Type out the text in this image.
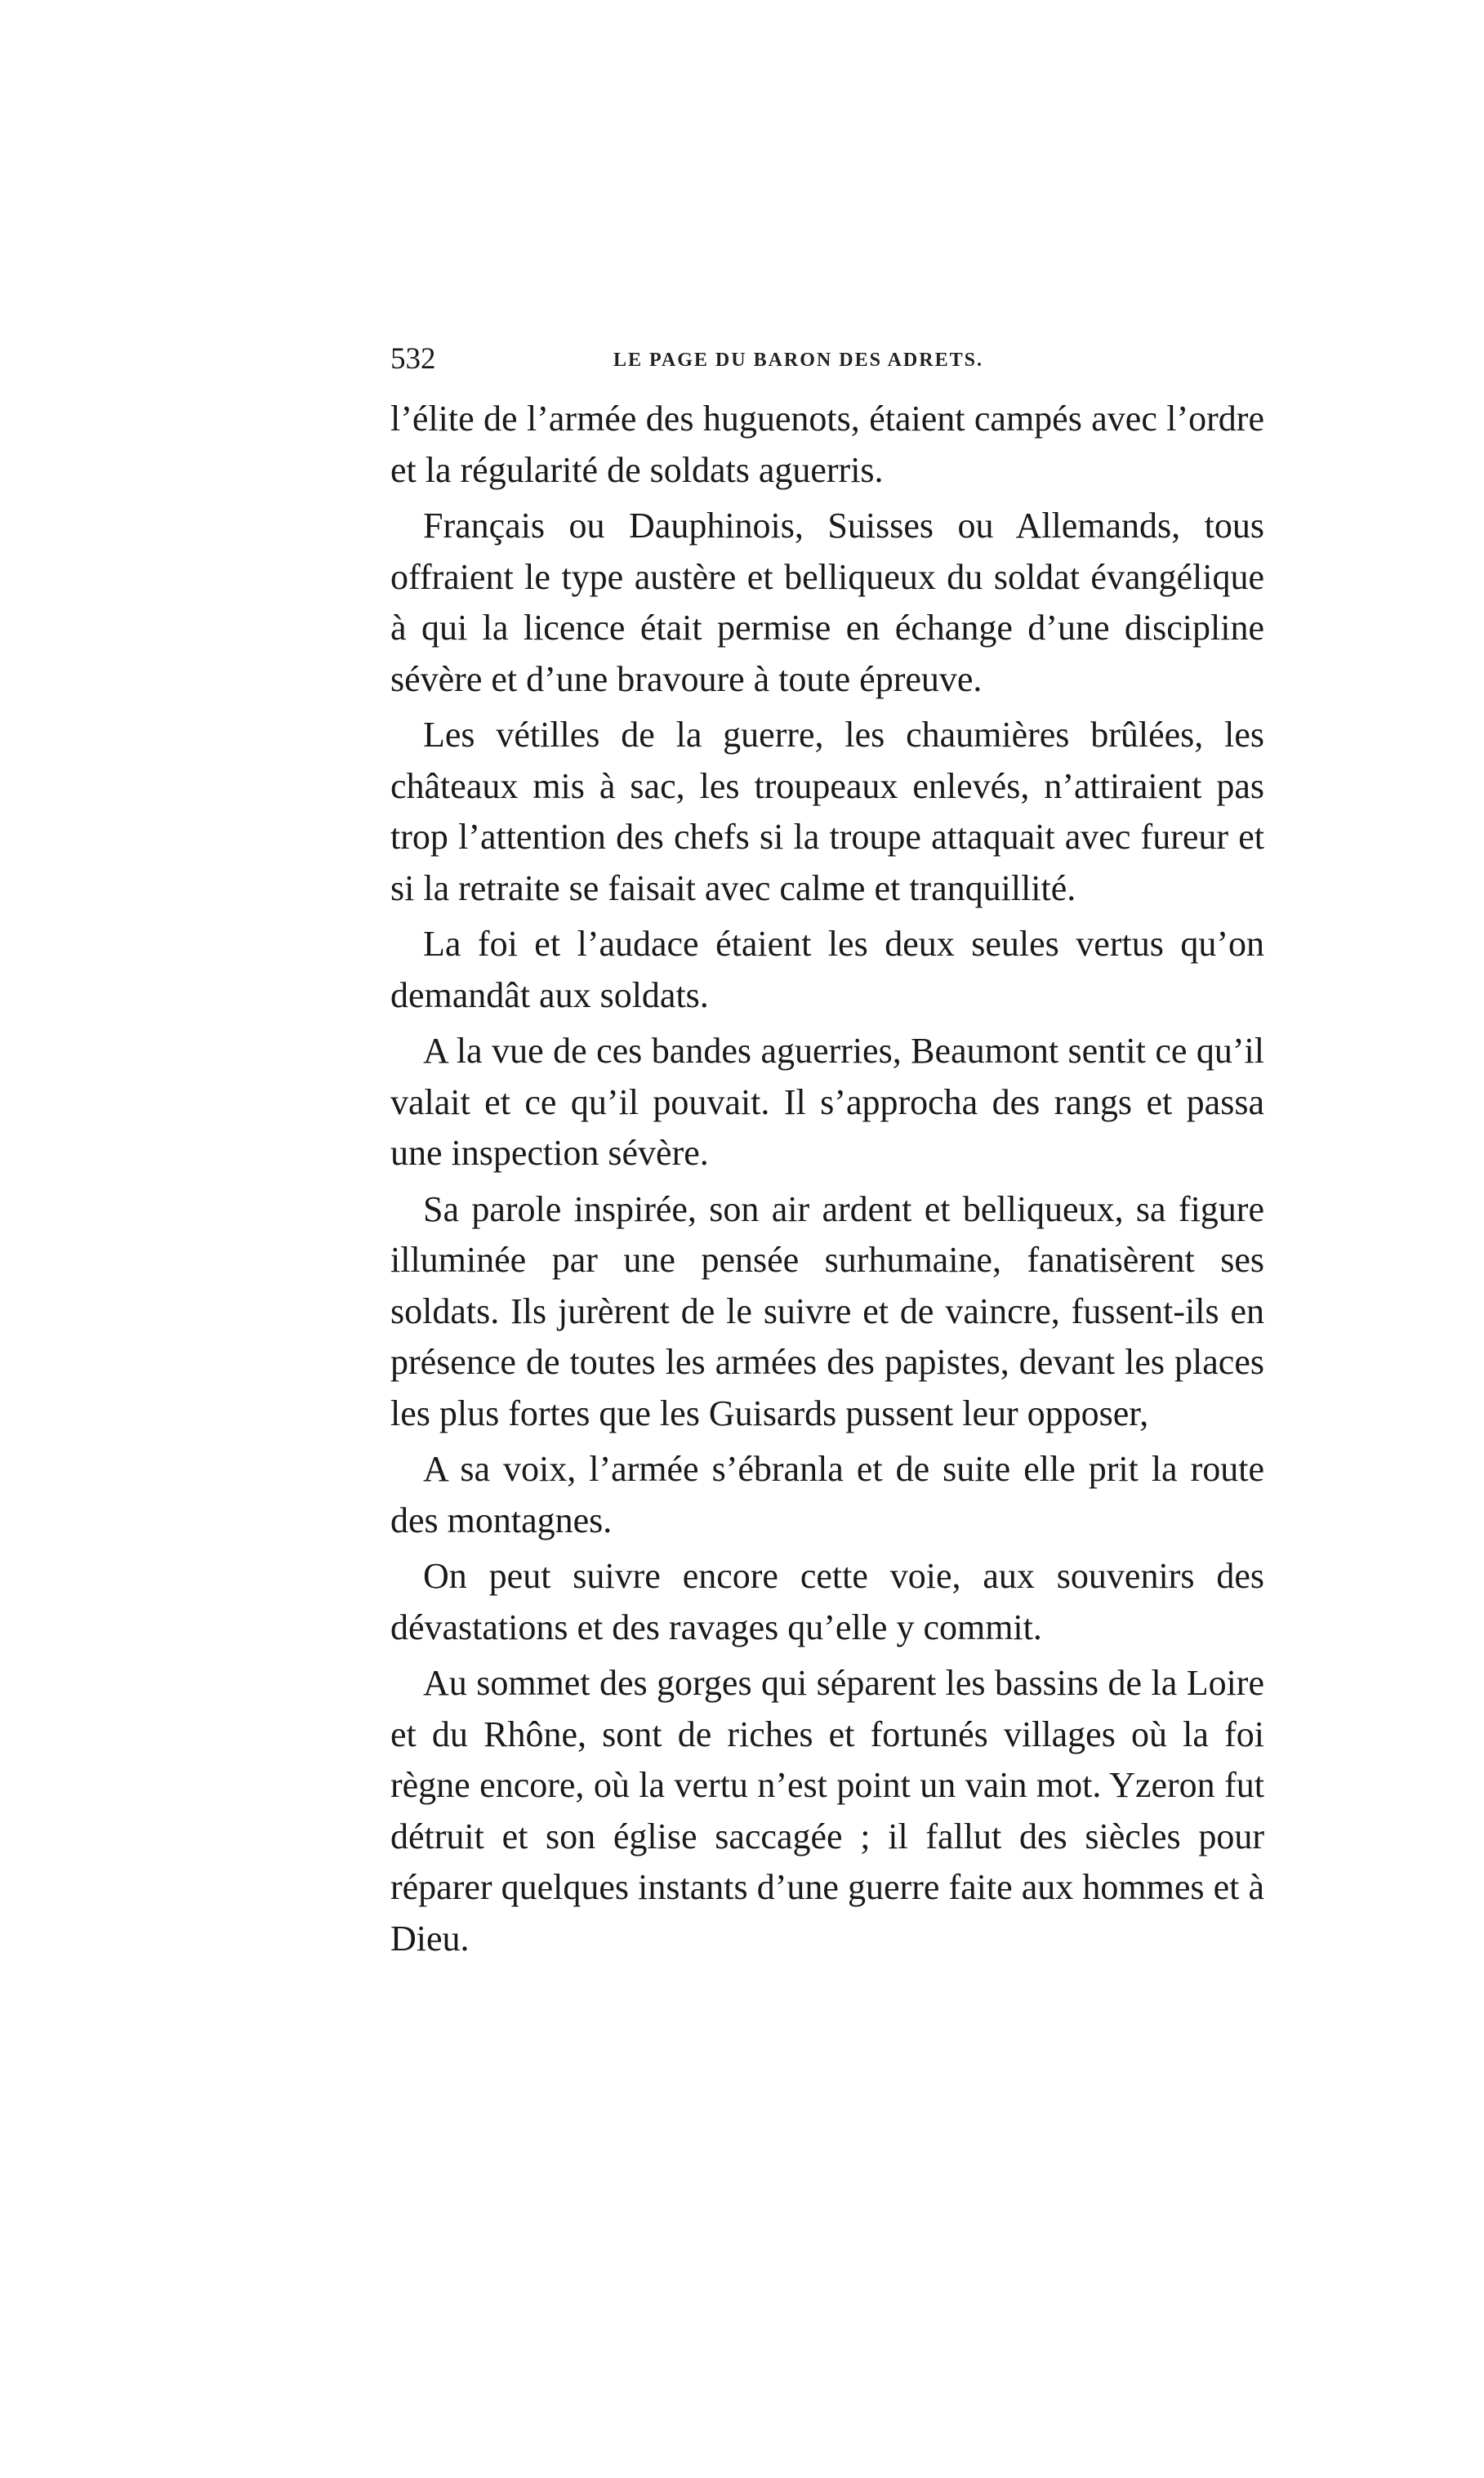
532	LE PAGE DU BARON DES ADRETS.

l’élite de l’armée des huguenots, étaient campés avec l’ordre et la régularité de soldats aguerris.

Français ou Dauphinois, Suisses ou Allemands, tous offraient le type austère et belliqueux du soldat évangélique à qui la licence était permise en échange d’une discipline sévère et d’une bravoure à toute épreuve.

Les vétilles de la guerre, les chaumières brûlées, les châteaux mis à sac, les troupeaux enlevés, n’attiraient pas trop l’attention des chefs si la troupe attaquait avec fureur et si la retraite se faisait avec calme et tranquillité.

La foi et l’audace étaient les deux seules vertus qu’on demandât aux soldats.

A la vue de ces bandes aguerries, Beaumont sentit ce qu’il valait et ce qu’il pouvait. Il s’approcha des rangs et passa une inspection sévère.

Sa parole inspirée, son air ardent et belliqueux, sa figure illuminée par une pensée surhumaine, fanatisèrent ses soldats. Ils jurèrent de le suivre et de vaincre, fussent-ils en présence de toutes les armées des papistes, devant les places les plus fortes que les Guisards pussent leur opposer,

A sa voix, l’armée s’ébranla et de suite elle prit la route des montagnes.

On peut suivre encore cette voie, aux souvenirs des dévastations et des ravages qu’elle y commit.

Au sommet des gorges qui séparent les bassins de la Loire et du Rhône, sont de riches et fortunés villages où la foi règne encore, où la vertu n’est point un vain mot. Yzeron fut détruit et son église saccagée ; il fallut des siècles pour réparer quelques instants d’une guerre faite aux hommes et à Dieu.
